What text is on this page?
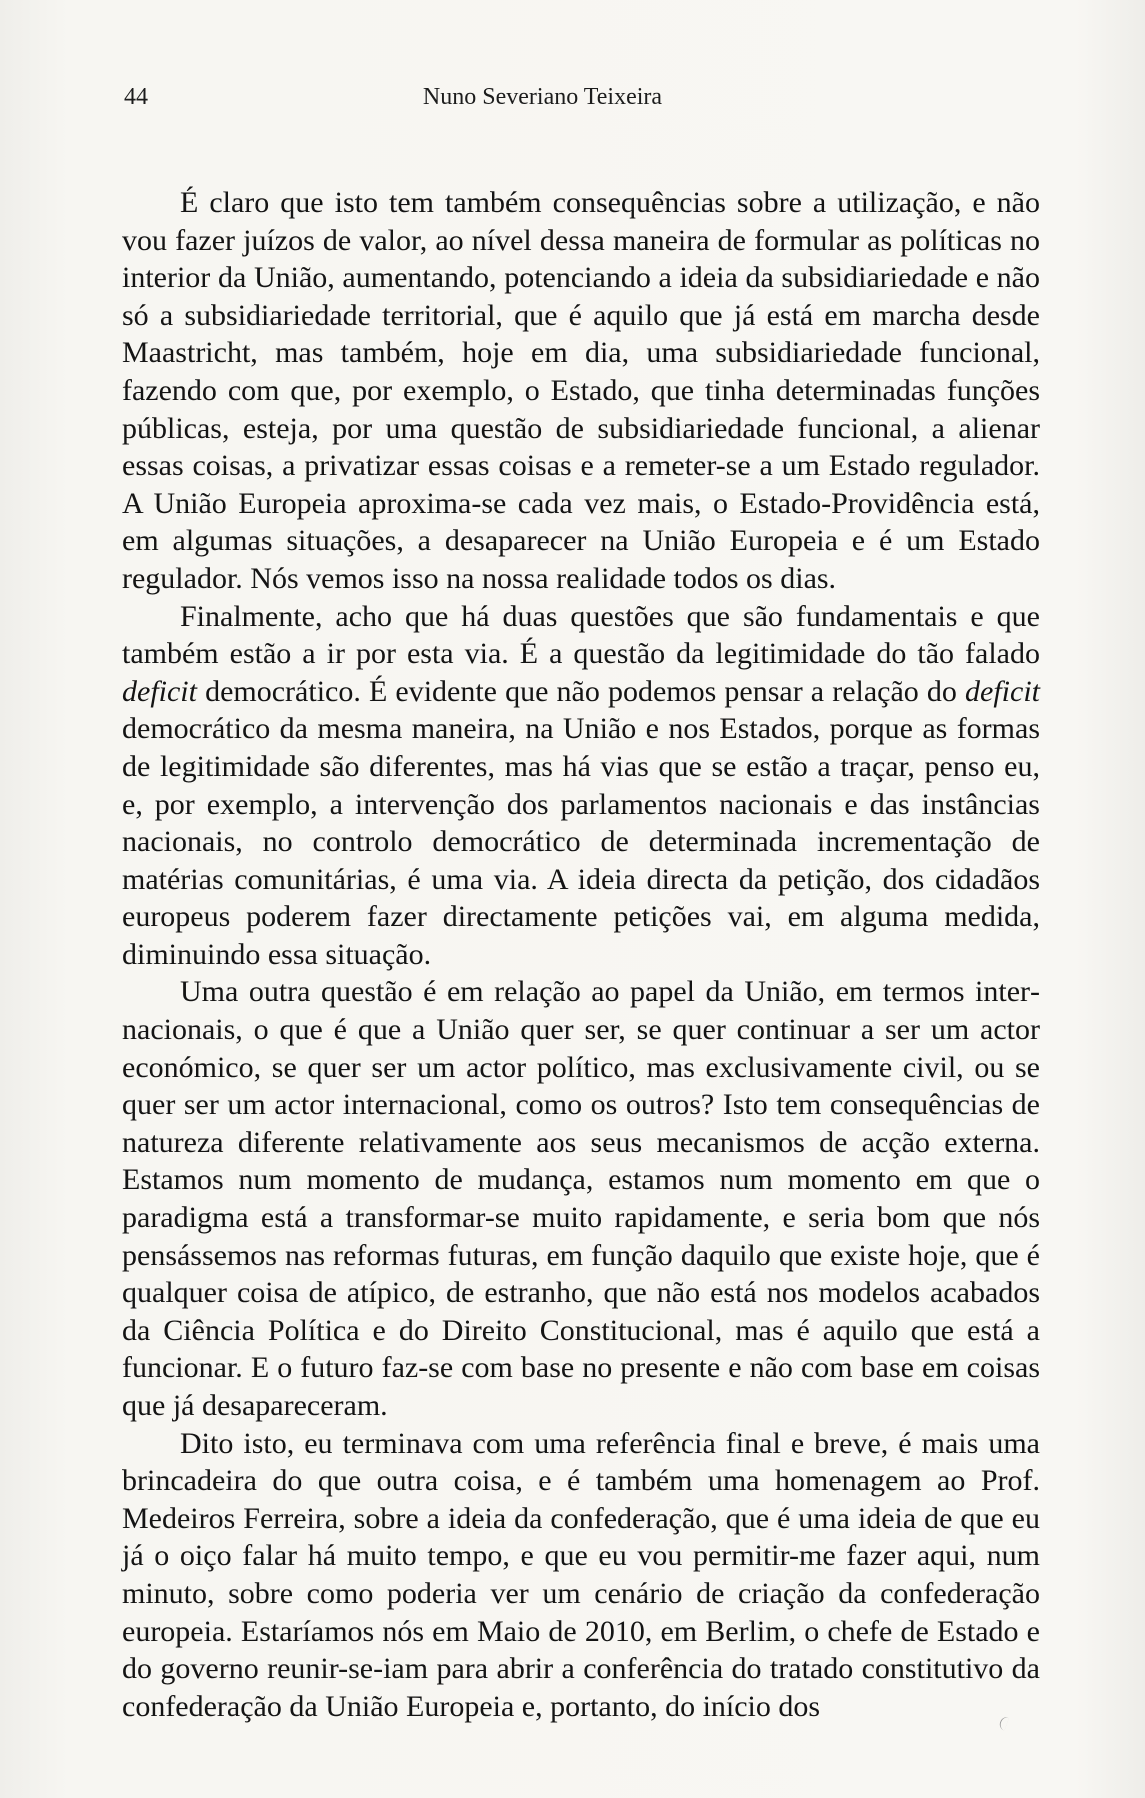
44	Nuno Severiano Teixeira

É claro que isto tem também consequências sobre a utilização, e não vou fazer juízos de valor, ao nível dessa maneira de formular as políticas no interior da União, aumentando, potenciando a ideia da subsidiariedade e não só a subsidiariedade territorial, que é aquilo que já está em marcha desde Maastricht, mas também, hoje em dia, uma subsidiariedade funcional, fazendo com que, por exemplo, o Estado, que tinha determinadas funções públicas, esteja, por uma questão de subsidiariedade funcional, a alienar essas coisas, a privatizar essas coisas e a remeter-se a um Estado regulador. A União Europeia aproxima-se cada vez mais, o Estado-Providência está, em algumas situações, a desaparecer na União Europeia e é um Estado regulador. Nós vemos isso na nossa realidade todos os dias.

Finalmente, acho que há duas questões que são fundamentais e que também estão a ir por esta via. É a questão da legitimidade do tão falado deficit democrático. É evidente que não podemos pensar a relação do deficit democrático da mesma maneira, na União e nos Estados, porque as formas de legitimidade são diferentes, mas há vias que se estão a traçar, penso eu, e, por exemplo, a intervenção dos parlamentos nacionais e das instâncias nacionais, no controlo democrático de determinada incrementação de matérias comunitárias, é uma via. A ideia directa da petição, dos cidadãos europeus poderem fazer directamente petições vai, em alguma medida, diminuindo essa situação.

Uma outra questão é em relação ao papel da União, em termos internacionais, o que é que a União quer ser, se quer continuar a ser um actor económico, se quer ser um actor político, mas exclusivamente civil, ou se quer ser um actor internacional, como os outros? Isto tem consequências de natureza diferente relativamente aos seus mecanismos de acção externa. Estamos num momento de mudança, estamos num momento em que o paradigma está a transformar-se muito rapidamente, e seria bom que nós pensássemos nas reformas futuras, em função daquilo que existe hoje, que é qualquer coisa de atípico, de estranho, que não está nos modelos acabados da Ciência Política e do Direito Constitucional, mas é aquilo que está a funcionar. E o futuro faz-se com base no presente e não com base em coisas que já desapareceram.

Dito isto, eu terminava com uma referência final e breve, é mais uma brincadeira do que outra coisa, e é também uma homenagem ao Prof. Medeiros Ferreira, sobre a ideia da confederação, que é uma ideia de que eu já o oiço falar há muito tempo, e que eu vou permitir-me fazer aqui, num minuto, sobre como poderia ver um cenário de criação da confederação europeia. Estaríamos nós em Maio de 2010, em Berlim, o chefe de Estado e do governo reunir-se-iam para abrir a conferência do tratado constitutivo da confederação da União Europeia e, portanto, do início dos
